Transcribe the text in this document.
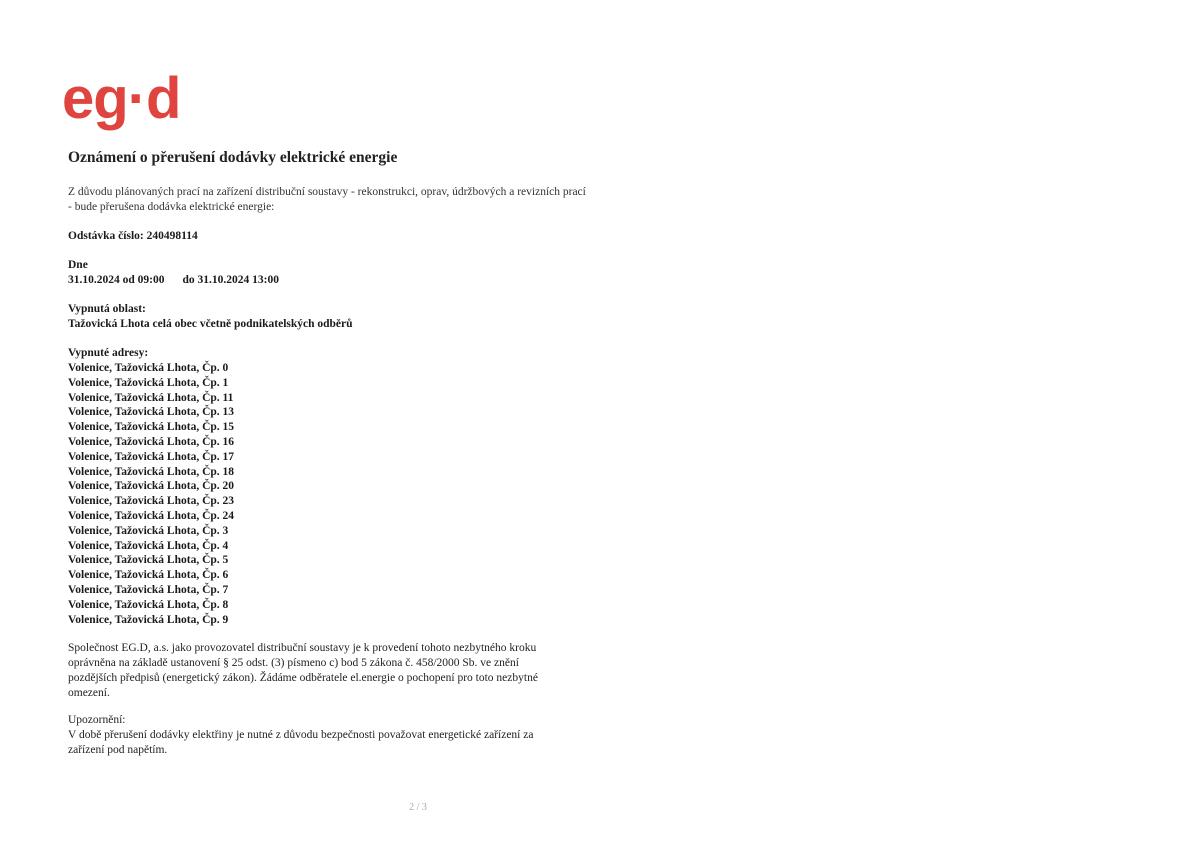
eg·d
Oznámení o přerušení dodávky elektrické energie

Z důvodu plánovaných prací na zařízení distribuční soustavy - rekonstrukci, oprav, údržbových a revizních prací - bude přerušena dodávka elektrické energie:

Odstávka číslo: 240498114

Dne

31.10.2024 od 09:00 do 31.10.2024 13:00

Vypnutá oblast:

Tažovická Lhota celá obec včetně podnikatelských odběrů

Vypnuté adresy:

Volenice, Tažovická Lhota, Čp. 0
Volenice, Tažovická Lhota, Čp. 1
Volenice, Tažovická Lhota, Čp. 11
Volenice, Tažovická Lhota, Čp. 13
Volenice, Tažovická Lhota, Čp. 15
Volenice, Tažovická Lhota, Čp. 16
Volenice, Tažovická Lhota, Čp. 17
Volenice, Tažovická Lhota, Čp. 18
Volenice, Tažovická Lhota, Čp. 20
Volenice, Tažovická Lhota, Čp. 23
Volenice, Tažovická Lhota, Čp. 24
Volenice, Tažovická Lhota, Čp. 3
Volenice, Tažovická Lhota, Čp. 4
Volenice, Tažovická Lhota, Čp. 5
Volenice, Tažovická Lhota, Čp. 6
Volenice, Tažovická Lhota, Čp. 7
Volenice, Tažovická Lhota, Čp. 8
Volenice, Tažovická Lhota, Čp. 9

Společnost EG.D, a.s. jako provozovatel distribuční soustavy je k provedení tohoto nezbytného kroku oprávněna na základě ustanovení § 25 odst. (3) písmeno c) bod 5 zákona č. 458/2000 Sb. ve znění pozdějších předpisů (energetický zákon). Žádáme odběratele el.energie o pochopení pro toto nezbytné omezení.

Upozornění:

V době přerušení dodávky elektřiny je nutné z důvodu bezpečnosti považovat energetické zařízení za zařízení pod napětím.

2 / 3
